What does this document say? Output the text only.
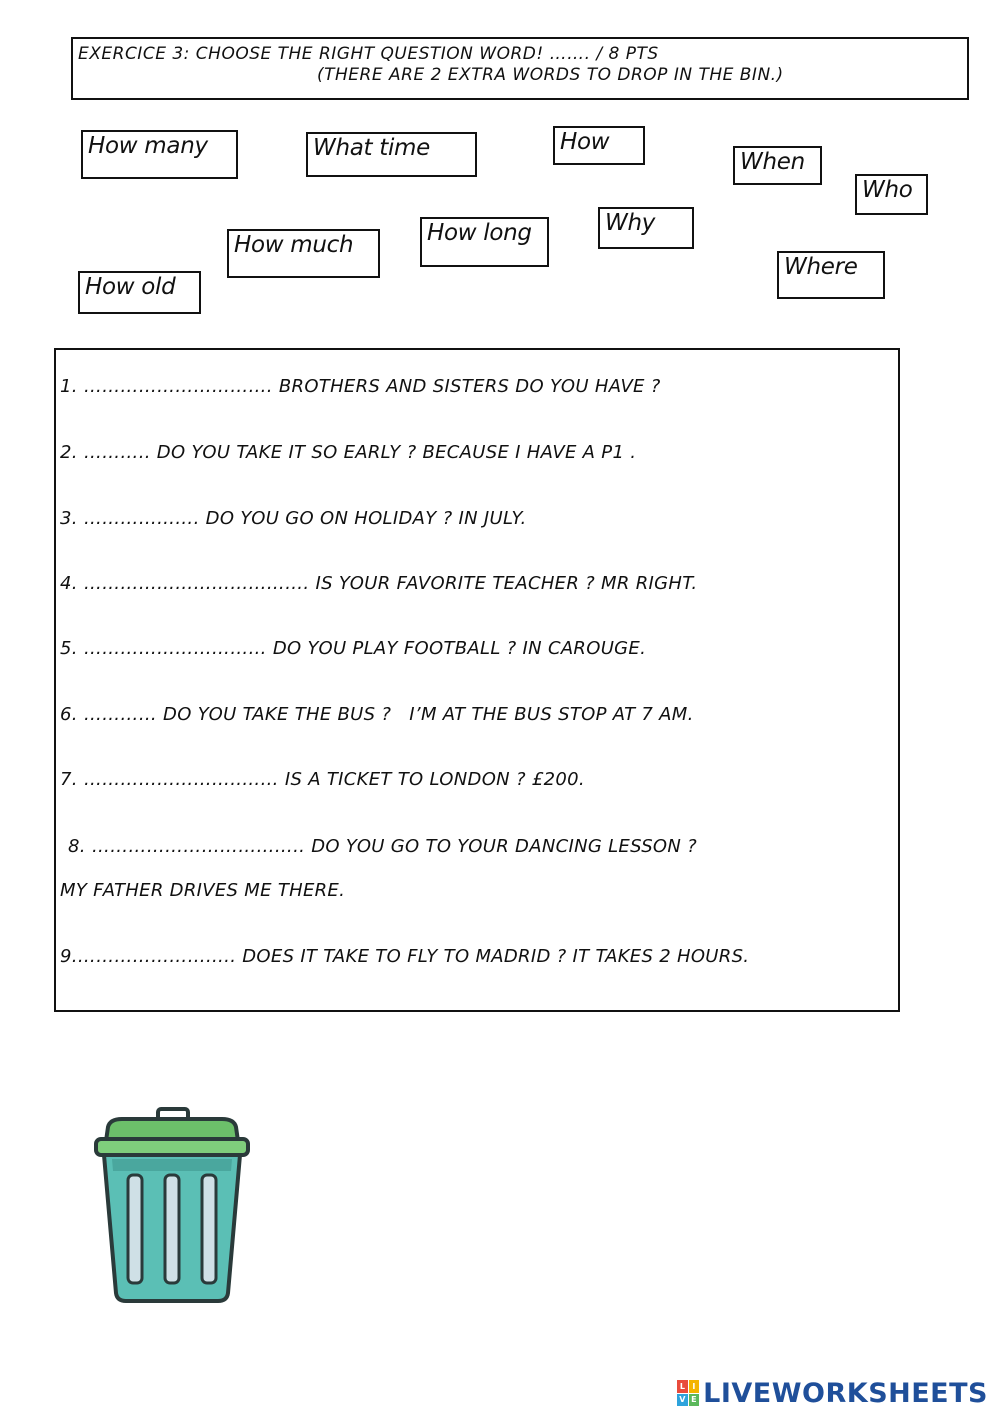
EXERCICE 3: CHOOSE THE RIGHT QUESTION WORD! ……. / 8 PTS
(THERE ARE 2 EXTRA WORDS TO DROP IN THE BIN.)
How many	What time	How
When
Who
How much	How long	Why
Where
How old
1. …………………………. BROTHERS AND SISTERS DO YOU HAVE ?
2. ……….. DO YOU TAKE IT SO EARLY ? BECAUSE I HAVE A P1 .
3. ………………. DO YOU GO ON HOLIDAY ? IN JULY.
4. ………………………………. IS YOUR FAVORITE TEACHER ? MR RIGHT.
5. ………………………… DO YOU PLAY FOOTBALL ? IN CAROUGE.
6. ………… DO YOU TAKE THE BUS ?   I’M AT THE BUS STOP AT 7 AM.
7. ……………………..…… IS A TICKET TO LONDON ? £200.
8. …………………………….. DO YOU GO TO YOUR DANCING LESSON ?
MY FATHER DRIVES ME THERE.
9.…………………….. DOES IT TAKE TO FLY TO MADRID ? IT TAKES 2 HOURS.
L I
V E LIVEWORKSHEETS
